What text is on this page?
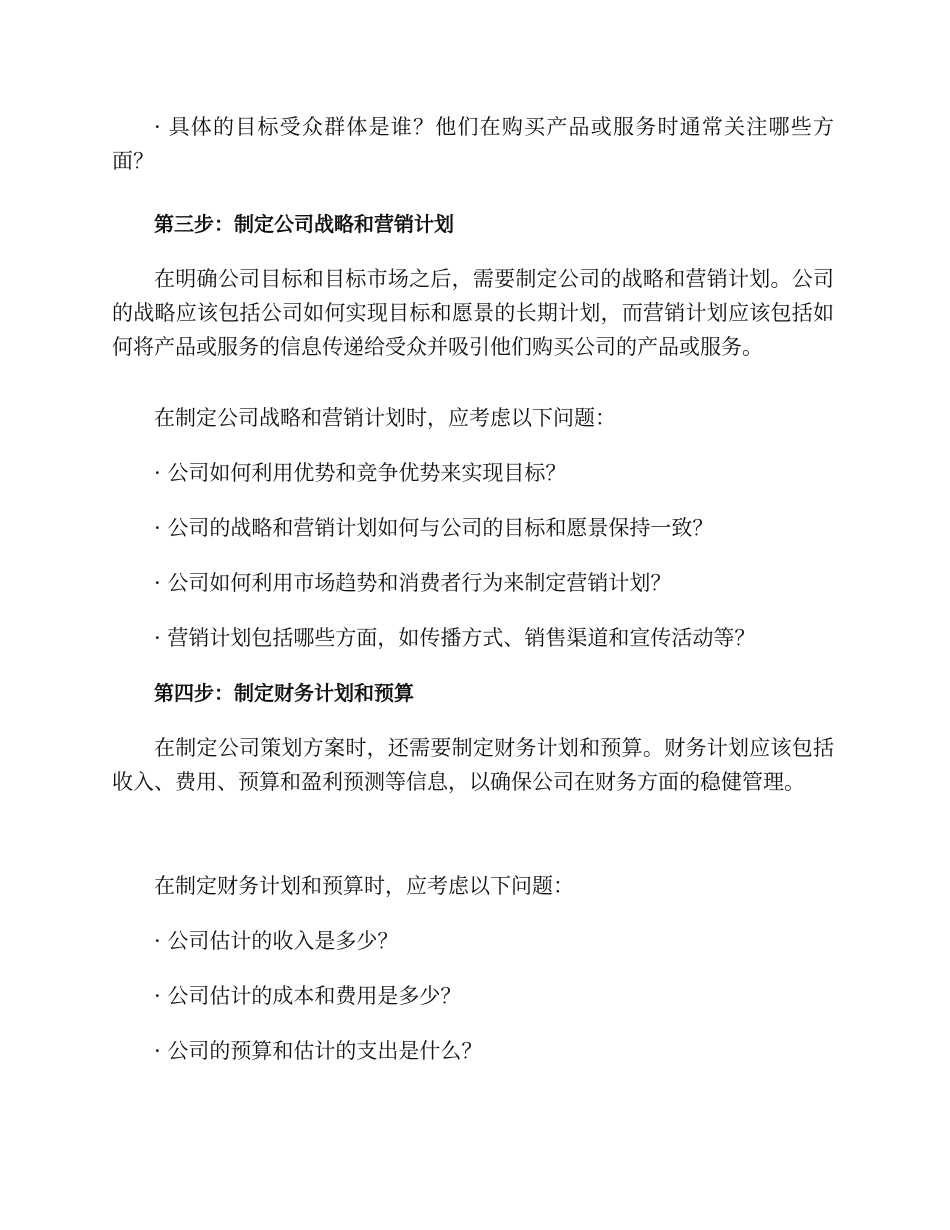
· 具体的目标受众群体是谁？他们在购买产品或服务时通常关注哪些方面？

第三步：制定公司战略和营销计划

在明确公司目标和目标市场之后，需要制定公司的战略和营销计划。公司的战略应该包括公司如何实现目标和愿景的长期计划，而营销计划应该包括如何将产品或服务的信息传递给受众并吸引他们购买公司的产品或服务。

在制定公司战略和营销计划时，应考虑以下问题：

· 公司如何利用优势和竞争优势来实现目标？

· 公司的战略和营销计划如何与公司的目标和愿景保持一致？

· 公司如何利用市场趋势和消费者行为来制定营销计划？

· 营销计划包括哪些方面，如传播方式、销售渠道和宣传活动等？

第四步：制定财务计划和预算

在制定公司策划方案时，还需要制定财务计划和预算。财务计划应该包括收入、费用、预算和盈利预测等信息，以确保公司在财务方面的稳健管理。

在制定财务计划和预算时，应考虑以下问题：

· 公司估计的收入是多少？

· 公司估计的成本和费用是多少？

· 公司的预算和估计的支出是什么？
